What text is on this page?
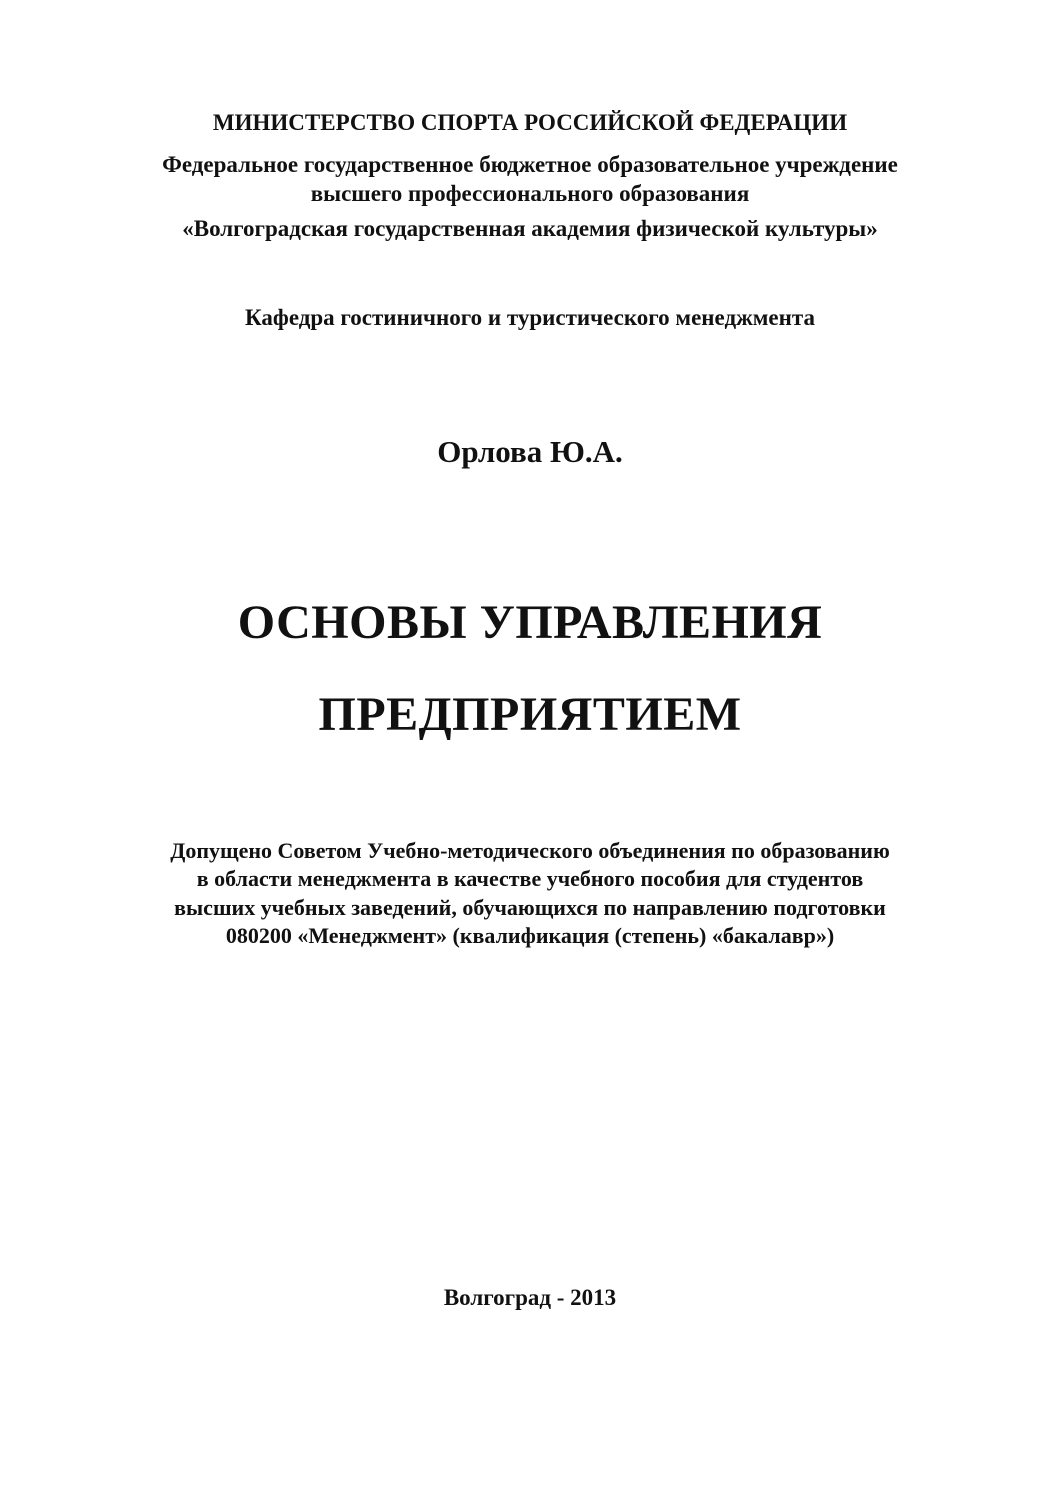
МИНИСТЕРСТВО СПОРТА РОССИЙСКОЙ ФЕДЕРАЦИИ
Федеральное государственное бюджетное образовательное учреждение
высшего профессионального образования
«Волгоградская государственная академия физической культуры»
Кафедра гостиничного и туристического менеджмента
Орлова Ю.А.
ОСНОВЫ УПРАВЛЕНИЯ
ПРЕДПРИЯТИЕМ
Допущено Советом Учебно-методического объединения по образованию
в области менеджмента в качестве учебного пособия для студентов
высших учебных заведений, обучающихся по направлению подготовки
080200 «Менеджмент» (квалификация (степень) «бакалавр»)
Волгоград - 2013
